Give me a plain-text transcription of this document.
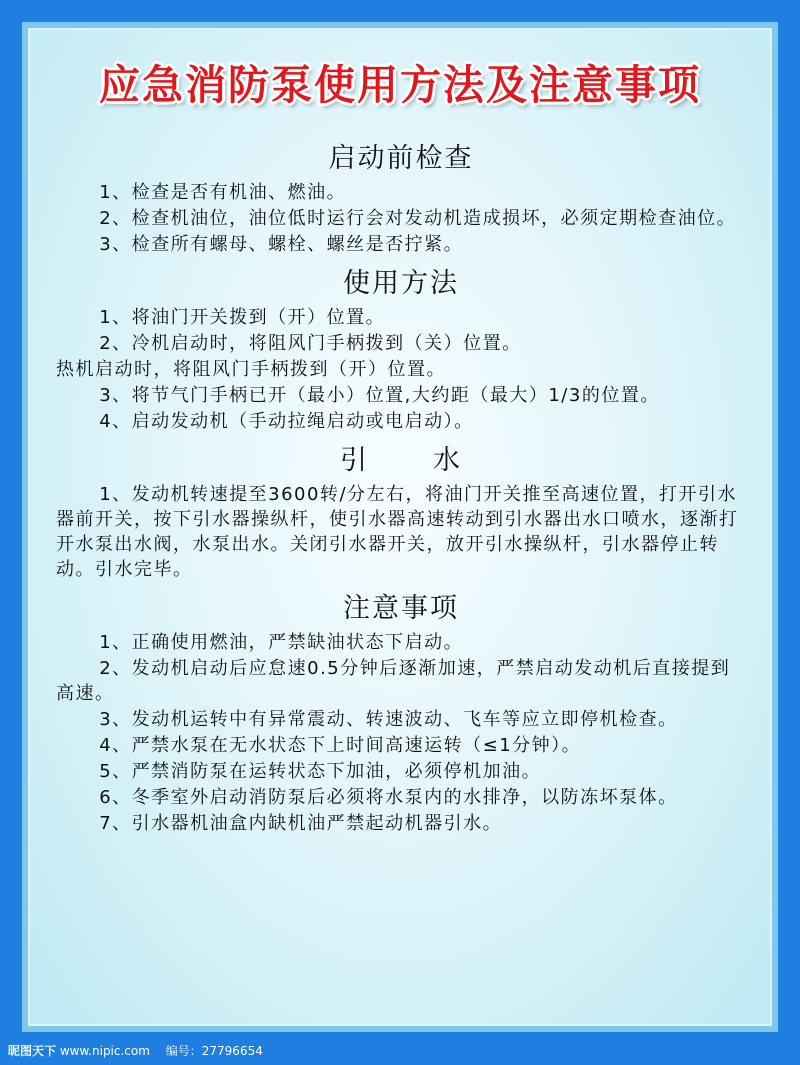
应急消防泵使用方法及注意事项
启动前检查

1、检查是否有机油、燃油。

2、检查机油位，油位低时运行会对发动机造成损坏，必须定期检查油位。

3、检查所有螺母、螺栓、螺丝是否拧紧。

使用方法

1、将油门开关拨到（开）位置。

2、冷机启动时，将阻风门手柄拨到（关）位置。

热机启动时，将阻风门手柄拨到（开）位置。

3、将节气门手柄已开（最小）位置,大约距（最大）1/3的位置。

4、启动发动机（手动拉绳启动或电启动）。

引 水

1、发动机转速提至3600转/分左右，将油门开关推至高速位置，打开引水器前开关，按下引水器操纵杆，使引水器高速转动到引水器出水口喷水，逐渐打开水泵出水阀，水泵出水。关闭引水器开关，放开引水操纵杆，引水器停止转动。引水完毕。

注意事项

1、正确使用燃油，严禁缺油状态下启动。

2、发动机启动后应怠速0.5分钟后逐渐加速，严禁启动发动机后直接提到高速。

3、发动机运转中有异常震动、转速波动、飞车等应立即停机检查。

4、严禁水泵在无水状态下上时间高速运转（≤1分钟）。

5、严禁消防泵在运转状态下加油，必须停机加油。

6、冬季室外启动消防泵后必须将水泵内的水排净，以防冻坏泵体。

7、引水器机油盒内缺机油严禁起动机器引水。

昵图天下 www.nipic.com 编号：27796654
